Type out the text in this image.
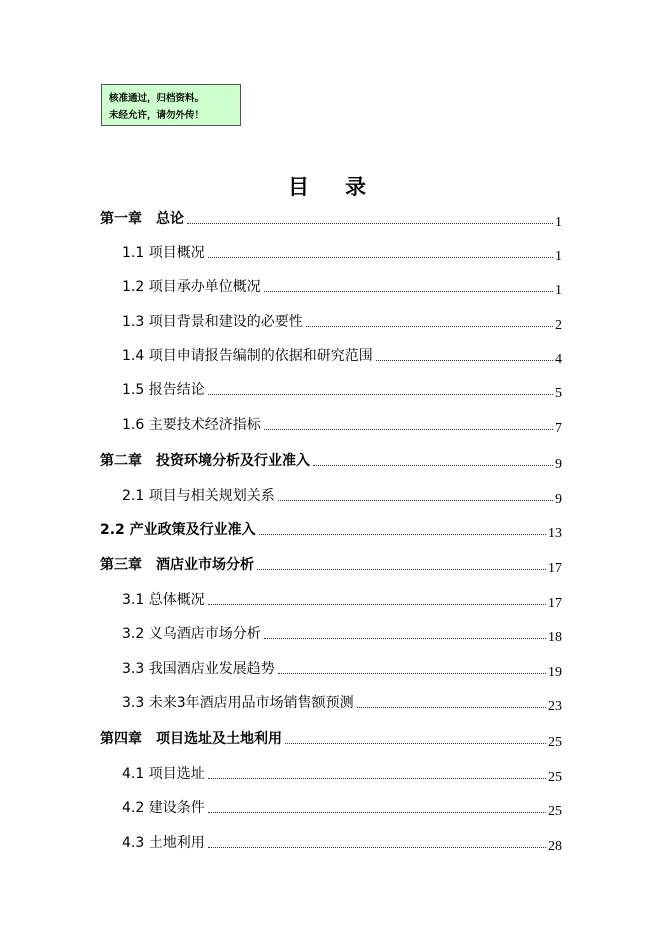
核准通过，归档资料。
未经允许，请勿外传！
目录
第一章　总论	1
1.1 项目概况	1
1.2 项目承办单位概况	1
1.3 项目背景和建设的必要性	2
1.4 项目申请报告编制的依据和研究范围	4
1.5 报告结论	5
1.6 主要技术经济指标	7
第二章　投资环境分析及行业准入	9
2.1 项目与相关规划关系	9
2.2 产业政策及行业准入	13
第三章　酒店业市场分析	17
3.1 总体概况	17
3.2 义乌酒店市场分析	18
3.3 我国酒店业发展趋势	19
3.3 未来3年酒店用品市场销售额预测	23
第四章　项目选址及土地利用	25
4.1 项目选址	25
4.2 建设条件	25
4.3 土地利用	28
